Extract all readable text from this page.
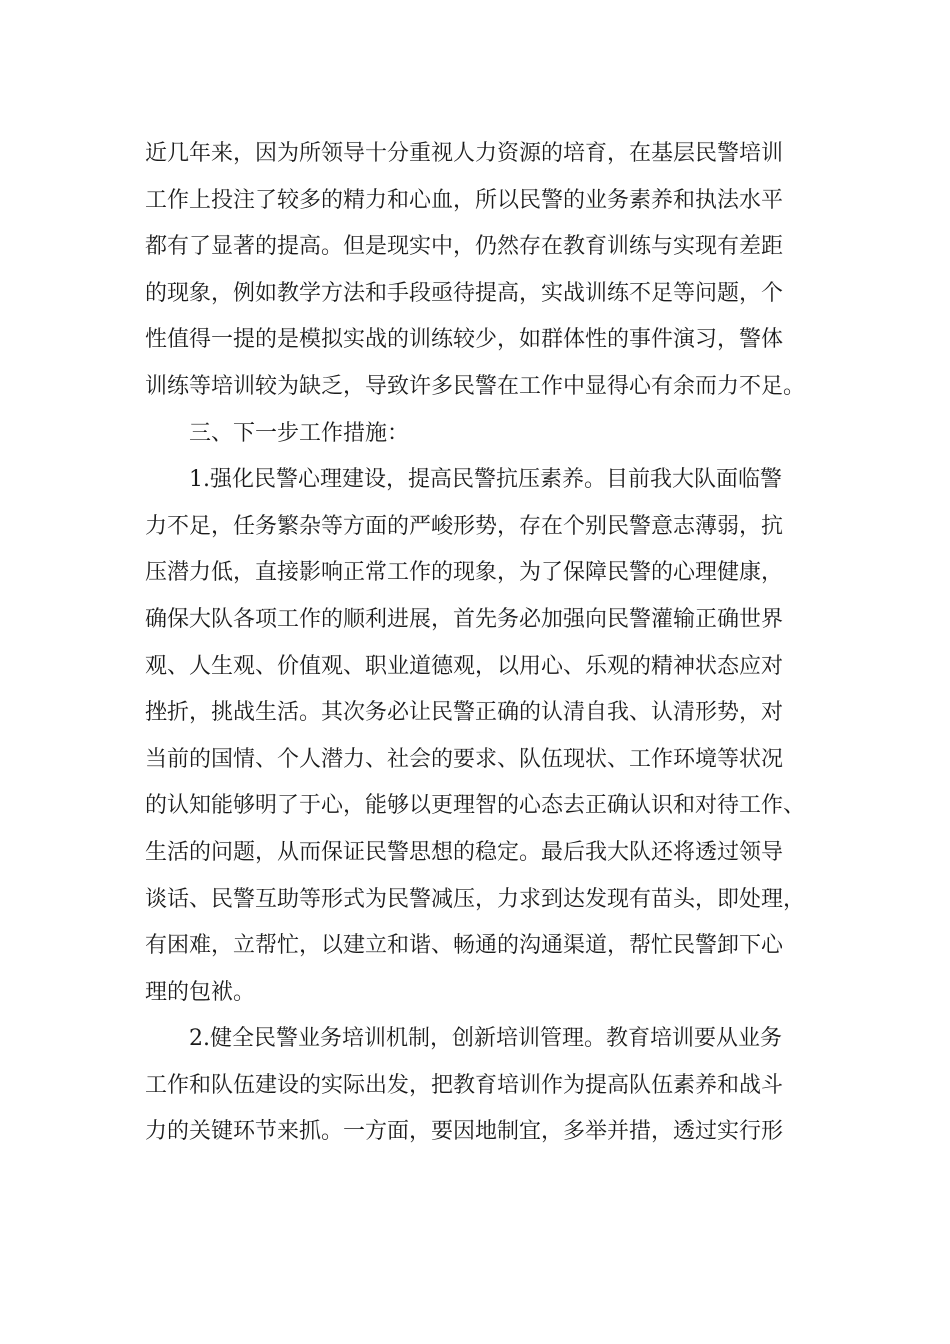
近几年来，因为所领导十分重视人力资源的培育，在基层民警培训
工作上投注了较多的精力和心血，所以民警的业务素养和执法水平
都有了显著的提高。但是现实中，仍然存在教育训练与实现有差距
的现象，例如教学方法和手段亟待提高，实战训练不足等问题，个
性值得一提的是模拟实战的训练较少，如群体性的事件演习，警体
训练等培训较为缺乏，导致许多民警在工作中显得心有余而力不足。
三、下一步工作措施：
1.强化民警心理建设，提高民警抗压素养。目前我大队面临警
力不足，任务繁杂等方面的严峻形势，存在个别民警意志薄弱，抗
压潜力低，直接影响正常工作的现象，为了保障民警的心理健康，
确保大队各项工作的顺利进展，首先务必加强向民警灌输正确世界
观、人生观、价值观、职业道德观，以用心、乐观的精神状态应对
挫折，挑战生活。其次务必让民警正确的认清自我、认清形势，对
当前的国情、个人潜力、社会的要求、队伍现状、工作环境等状况
的认知能够明了于心，能够以更理智的心态去正确认识和对待工作、
生活的问题，从而保证民警思想的稳定。最后我大队还将透过领导
谈话、民警互助等形式为民警减压，力求到达发现有苗头，即处理，
有困难，立帮忙，以建立和谐、畅通的沟通渠道，帮忙民警卸下心
理的包袱。
2.健全民警业务培训机制，创新培训管理。教育培训要从业务
工作和队伍建设的实际出发，把教育培训作为提高队伍素养和战斗
力的关键环节来抓。一方面，要因地制宜，多举并措，透过实行形
